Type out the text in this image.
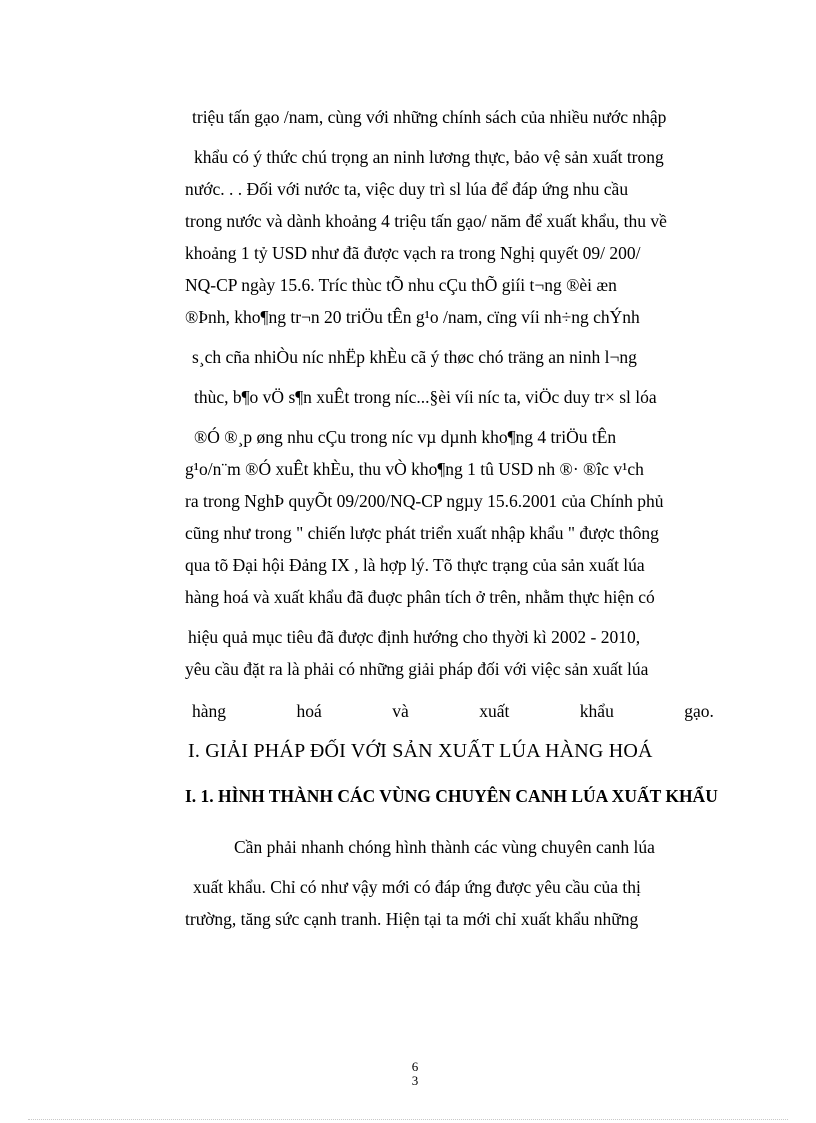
triệu tấn gạo /nam, cùng với những chính sách của nhiều nước nhập
khẩu có ý thức chú trọng an ninh lương thực, bảo vệ sản xuất trong
nước. . . Đối với nước ta, việc duy trì sl lúa để đáp ứng nhu cầu
trong nước và dành khoảng 4 triệu tấn gạo/ năm để xuất khẩu, thu về
khoảng 1 tỷ USD như đã được vạch ra trong Nghị quyết 09/ 200/
NQ-CP ngày 15.6. Tríc thùc tÕ nhu cÇu thÕ giíi t¬ng ®èi æn
®Þnh, kho¶ng tr¬n 20 triÖu tÊn g¹o /nam, cïng víi nh÷ng chÝnh
s¸ch cña nhiÒu níc nhËp khÈu cã ý thøc chó träng an ninh l¬ng
thùc, b¶o vÖ s¶n xuÊt trong níc...§èi víi níc ta, viÖc duy tr× sl lóa
®Ó ®¸p øng nhu cÇu trong níc vµ dµnh kho¶ng 4 triÖu tÊn
g¹o/n¨m ®Ó xuÊt khÈu, thu vÒ kho¶ng 1 tû USD nh ®· ®îc v¹ch
ra trong NghÞ quyÕt 09/200/NQ-CP ngµy 15.6.2001 của Chính phủ
cũng như trong " chiến lược phát triển xuất nhập khẩu " được thông
qua tõ Đại hội Đảng IX , là hợp lý. Tõ thực trạng của sản xuất lúa
hàng hoá và xuất khẩu đã đuợc phân tích ở trên, nhằm thực hiện có
hiệu quả mục tiêu đã được định hướng cho thyời kì 2002 - 2010,
yêu cầu đặt ra là phải có những giải pháp đối với việc sản xuất lúa
hàng	hoá	và	xuất	khẩu	gạo.
I. GIẢI PHÁP ĐỐI VỚI SẢN XUẤT LÚA HÀNG HOÁ
I. 1. HÌNH THÀNH CÁC VÙNG CHUYÊN CANH LÚA XUẤT KHẨU
Cần phải nhanh chóng hình thành các vùng chuyên canh lúa
xuất khẩu. Chỉ có như vậy mới có đáp ứng được yêu cầu của thị
trường, tăng sức cạnh tranh. Hiện tại ta mới chỉ xuất khẩu những
6
3
